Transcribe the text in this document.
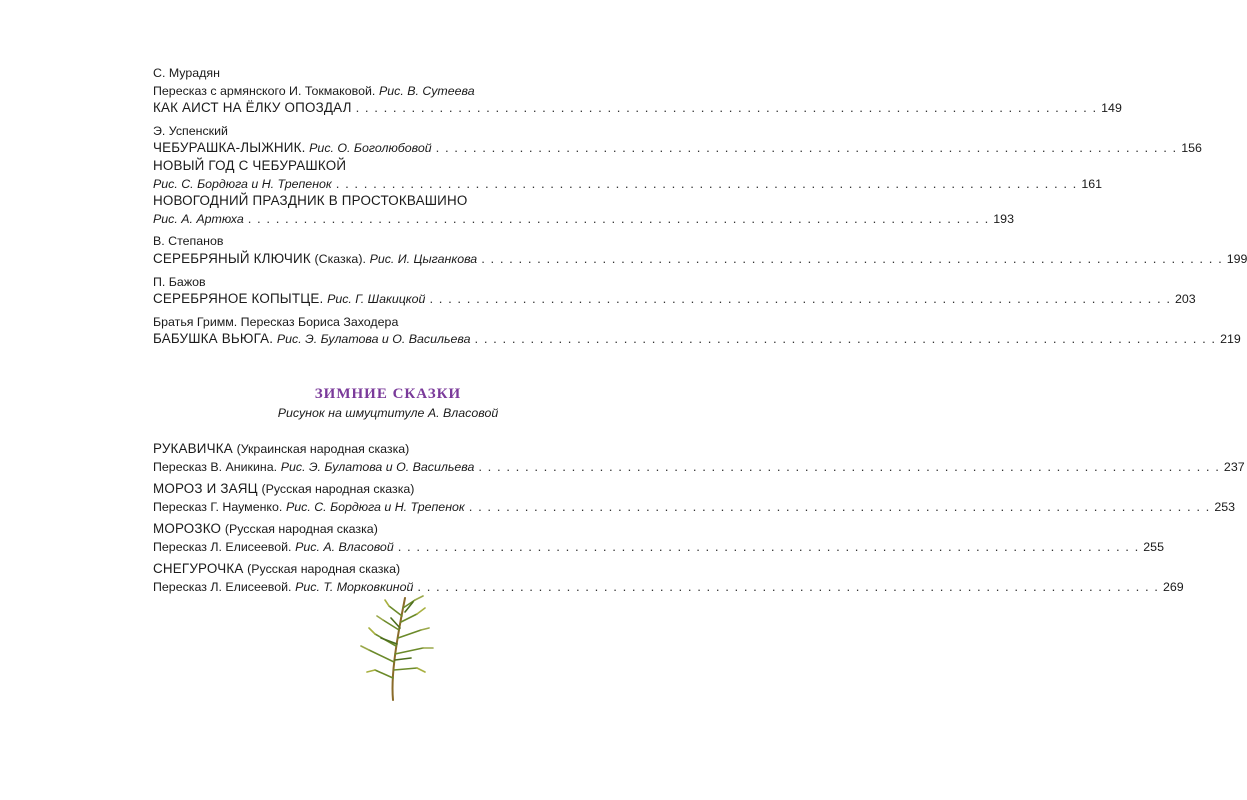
С. Мурадян
Пересказ с армянского И. Токмаковой. Рис. В. Сутеева
КАК АИСТ НА ЁЛКУ ОПОЗДАЛ . . . . . . . . . . . . . . . . . . . . . . . . . . . . . . . . . . . . . . . . . . . . . . . . . . . . . . . . . . . . . . . . . . . . . . . . . . . . . . . . 149
Э. Успенский
ЧЕБУРАШКА-ЛЫЖНИК. Рис. О. Боголюбовой . . . . . . . . . . . . . . . . . . . . . . . . . . . . . . . . . . . . . . . . . . . . . . . . . . . . . . . . . . . . . . . . . . . . . . . . . . . . . . . . 156
НОВЫЙ ГОД С ЧЕБУРАШКОЙ
Рис. С. Бордюга и Н. Трепенок . . . . . . . . . . . . . . . . . . . . . . . . . . . . . . . . . . . . . . . . . . . . . . . . . . . . . . . . . . . . . . . . . . . . . . . . . . . . . . . . 161
НОВОГОДНИЙ ПРАЗДНИК В ПРОСТОКВАШИНО
Рис. А. Артюха . . . . . . . . . . . . . . . . . . . . . . . . . . . . . . . . . . . . . . . . . . . . . . . . . . . . . . . . . . . . . . . . . . . . . . . . . . . . . . . . 193
В. Степанов
СЕРЕБРЯНЫЙ КЛЮЧИК (Сказка). Рис. И. Цыганкова . . . . . . . . . . . . . . . . . . . . . . . . . . . . . . . . . . . . . . . . . . . . . . . . . . . . . . . . . . . . . . . . . . . . . . . . . . . . . . . . 199
П. Бажов
СЕРЕБРЯНОЕ КОПЫТЦЕ. Рис. Г. Шакицкой . . . . . . . . . . . . . . . . . . . . . . . . . . . . . . . . . . . . . . . . . . . . . . . . . . . . . . . . . . . . . . . . . . . . . . . . . . . . . . . . 203
Братья Гримм. Пересказ Бориса Заходера
БАБУШКА ВЬЮГА. Рис. Э. Булатова и О. Васильева . . . . . . . . . . . . . . . . . . . . . . . . . . . . . . . . . . . . . . . . . . . . . . . . . . . . . . . . . . . . . . . . . . . . . . . . . . . . . . . . 219
ЗИМНИЕ СКАЗКИ
Рисунок на шмуцтитуле А. Власовой
РУКАВИЧКА (Украинская народная сказка)
Пересказ В. Аникина. Рис. Э. Булатова и О. Васильева . . . . . . . . . . . . . . . . . . . . . . . . . . . . . . . . . . . . . . . . . . . . . . . . . . . . . . . . . . . . . . . . . . . . . . . . . . . . . . . . 237
МОРОЗ И ЗАЯЦ (Русская народная сказка)
Пересказ Г. Науменко. Рис. С. Бордюга и Н. Трепенок . . . . . . . . . . . . . . . . . . . . . . . . . . . . . . . . . . . . . . . . . . . . . . . . . . . . . . . . . . . . . . . . . . . . . . . . . . . . . . . . 253
МОРОЗКО (Русская народная сказка)
Пересказ Л. Елисеевой. Рис. А. Власовой . . . . . . . . . . . . . . . . . . . . . . . . . . . . . . . . . . . . . . . . . . . . . . . . . . . . . . . . . . . . . . . . . . . . . . . . . . . . . . . . 255
СНЕГУРОЧКА (Русская народная сказка)
Пересказ Л. Елисеевой. Рис. Т. Морковкиной . . . . . . . . . . . . . . . . . . . . . . . . . . . . . . . . . . . . . . . . . . . . . . . . . . . . . . . . . . . . . . . . . . . . . . . . . . . . . . . . 269
